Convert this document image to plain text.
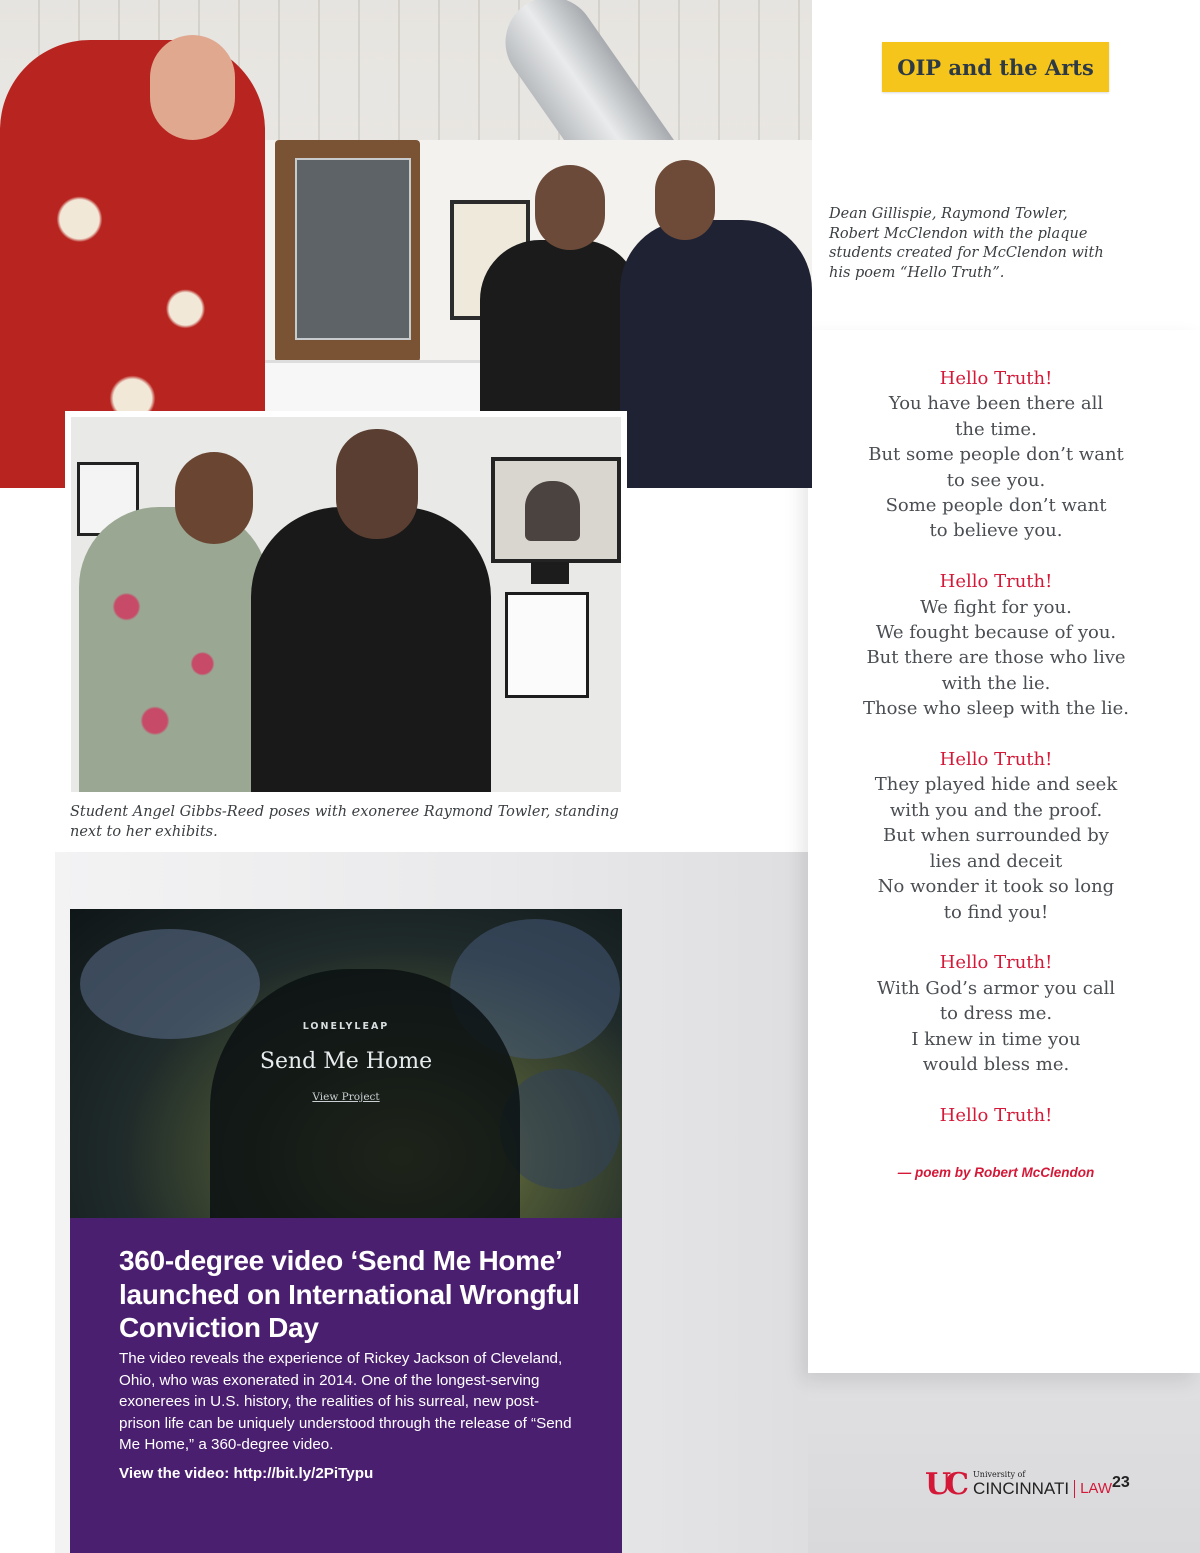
OIP and the Arts
Dean Gillispie, Raymond Towler, Robert McClendon with the plaque students created for McClendon with his poem “Hello Truth”.
Student Angel Gibbs-Reed poses with exoneree Raymond Towler, standing next to her exhibits.
LONELYLEAP
Send Me Home
View Project
360-degree video ‘Send Me Home’ launched on International Wrongful Conviction Day
The video reveals the experience of Rickey Jackson of Cleveland, Ohio, who was exonerated in 2014. One of the longest-serving exonerees in U.S. history, the realities of his surreal, new post-prison life can be uniquely understood through the release of “Send Me Home,” a 360-degree video.
View the video: http://bit.ly/2PiTypu
Hello Truth!
You have been there all
the time.
But some people don’t want
to see you.
Some people don’t want
to believe you.
Hello Truth!
We fight for you.
We fought because of you.
But there are those who live
with the lie.
Those who sleep with the lie.
Hello Truth!
They played hide and seek
with you and the proof.
But when surrounded by
lies and deceit
No wonder it took so long
to find you!
Hello Truth!
With God’s armor you call
to dress me.
I knew in time you
would bless me.
Hello Truth!
— poem by Robert McClendon
UC University of
CINCINNATI LAW 23
